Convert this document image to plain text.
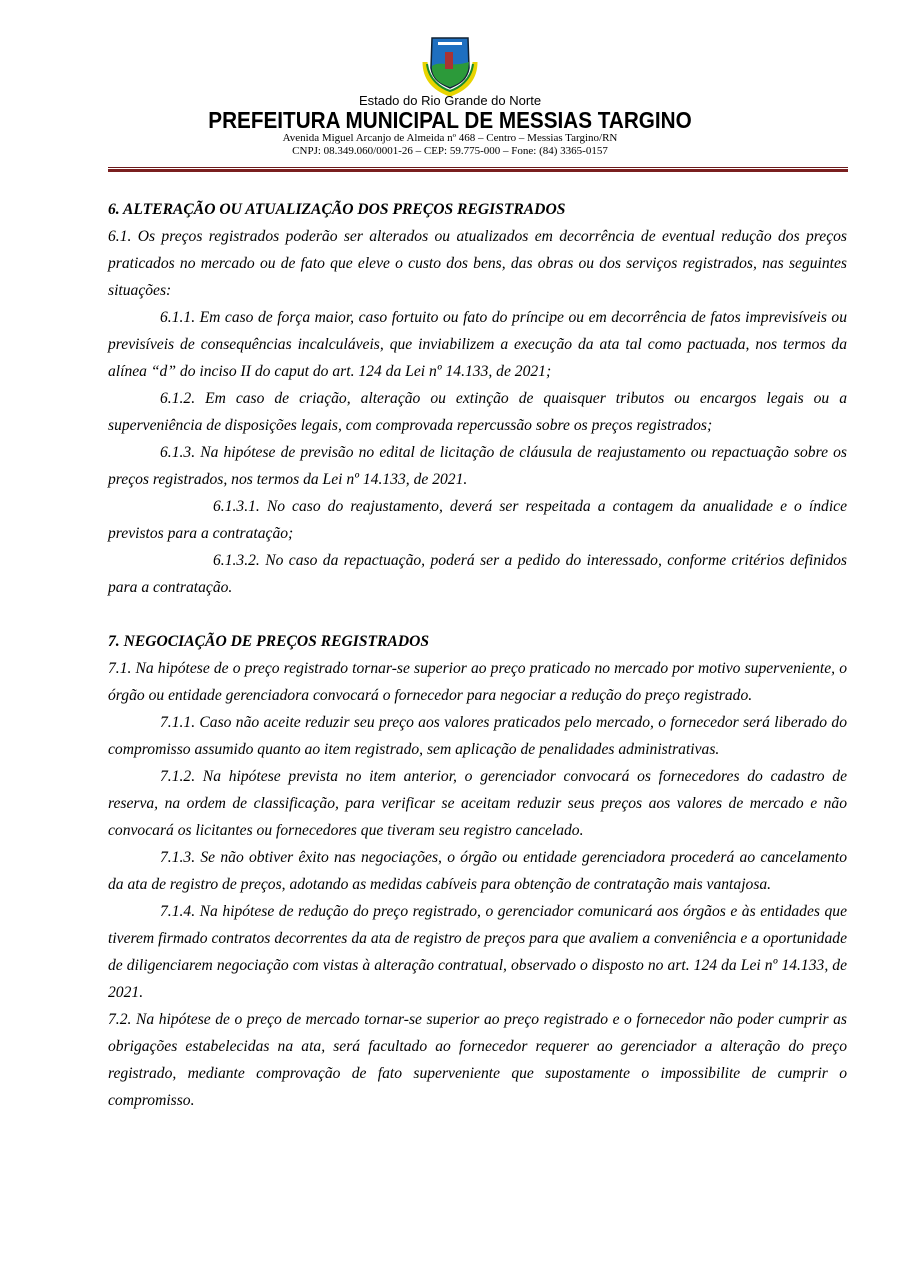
Estado do Rio Grande do Norte
PREFEITURA MUNICIPAL DE MESSIAS TARGINO
Avenida Miguel Arcanjo de Almeida nº 468 – Centro – Messias Targino/RN
CNPJ: 08.349.060/0001-26 – CEP: 59.775-000 – Fone: (84) 3365-0157

6. ALTERAÇÃO OU ATUALIZAÇÃO DOS PREÇOS REGISTRADOS

6.1. Os preços registrados poderão ser alterados ou atualizados em decorrência de eventual redução dos preços praticados no mercado ou de fato que eleve o custo dos bens, das obras ou dos serviços registrados, nas seguintes situações:

6.1.1. Em caso de força maior, caso fortuito ou fato do príncipe ou em decorrência de fatos imprevisíveis ou previsíveis de consequências incalculáveis, que inviabilizem a execução da ata tal como pactuada, nos termos da alínea “d” do inciso II do caput do art. 124 da Lei nº 14.133, de 2021;

6.1.2. Em caso de criação, alteração ou extinção de quaisquer tributos ou encargos legais ou a superveniência de disposições legais, com comprovada repercussão sobre os preços registrados;

6.1.3. Na hipótese de previsão no edital de licitação de cláusula de reajustamento ou repactuação sobre os preços registrados, nos termos da Lei nº 14.133, de 2021.

6.1.3.1. No caso do reajustamento, deverá ser respeitada a contagem da anualidade e o índice previstos para a contratação;

6.1.3.2. No caso da repactuação, poderá ser a pedido do interessado, conforme critérios definidos para a contratação.

7. NEGOCIAÇÃO DE PREÇOS REGISTRADOS

7.1. Na hipótese de o preço registrado tornar-se superior ao preço praticado no mercado por motivo superveniente, o órgão ou entidade gerenciadora convocará o fornecedor para negociar a redução do preço registrado.

7.1.1. Caso não aceite reduzir seu preço aos valores praticados pelo mercado, o fornecedor será liberado do compromisso assumido quanto ao item registrado, sem aplicação de penalidades administrativas.

7.1.2. Na hipótese prevista no item anterior, o gerenciador convocará os fornecedores do cadastro de reserva, na ordem de classificação, para verificar se aceitam reduzir seus preços aos valores de mercado e não convocará os licitantes ou fornecedores que tiveram seu registro cancelado.

7.1.3. Se não obtiver êxito nas negociações, o órgão ou entidade gerenciadora procederá ao cancelamento da ata de registro de preços, adotando as medidas cabíveis para obtenção de contratação mais vantajosa.

7.1.4. Na hipótese de redução do preço registrado, o gerenciador comunicará aos órgãos e às entidades que tiverem firmado contratos decorrentes da ata de registro de preços para que avaliem a conveniência e a oportunidade de diligenciarem negociação com vistas à alteração contratual, observado o disposto no art. 124 da Lei nº 14.133, de 2021.

7.2. Na hipótese de o preço de mercado tornar-se superior ao preço registrado e o fornecedor não poder cumprir as obrigações estabelecidas na ata, será facultado ao fornecedor requerer ao gerenciador a alteração do preço registrado, mediante comprovação de fato superveniente que supostamente o impossibilite de cumprir o compromisso.
